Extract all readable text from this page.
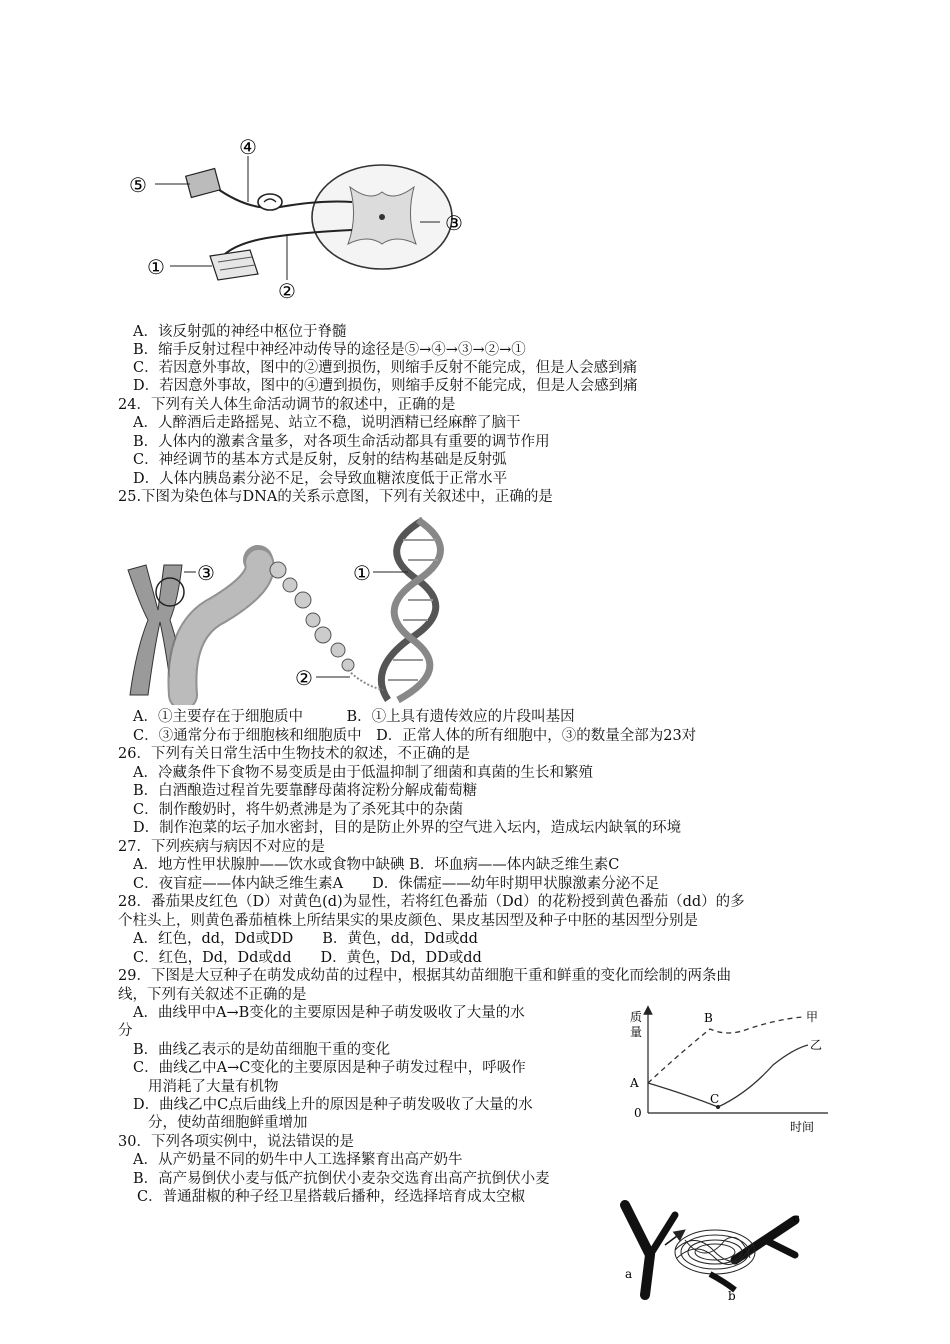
④
⑤
③
①
②
A．该反射弧的神经中枢位于脊髓
B．缩手反射过程中神经冲动传导的途径是⑤→④→③→②→①
C．若因意外事故，图中的②遭到损伤，则缩手反射不能完成，但是人会感到痛
D．若因意外事故，图中的④遭到损伤，则缩手反射不能完成，但是人会感到痛
24．下列有关人体生命活动调节的叙述中，正确的是
A．人醉酒后走路摇晃、站立不稳，说明酒精已经麻醉了脑干
B．人体内的激素含量多，对各项生命活动都具有重要的调节作用
C．神经调节的基本方式是反射，反射的结构基础是反射弧
D．人体内胰岛素分泌不足，会导致血糖浓度低于正常水平
25.下图为染色体与DNA的关系示意图，下列有关叙述中，正确的是
③	①
②
A．①主要存在于细胞质中　　　B．①上具有遗传效应的片段叫基因
C．③通常分布于细胞核和细胞质中　D．正常人体的所有细胞中，③的数量全部为23对
26．下列有关日常生活中生物技术的叙述，不正确的是
A．冷藏条件下食物不易变质是由于低温抑制了细菌和真菌的生长和繁殖
B．白酒酿造过程首先要靠酵母菌将淀粉分解成葡萄糖
C．制作酸奶时，将牛奶煮沸是为了杀死其中的杂菌
D．制作泡菜的坛子加水密封，目的是防止外界的空气进入坛内，造成坛内缺氧的环境
27．下列疾病与病因不对应的是
A．地方性甲状腺肿——饮水或食物中缺碘 B．坏血病——体内缺乏维生素C
C．夜盲症——体内缺乏维生素A　　D．侏儒症——幼年时期甲状腺激素分泌不足
28．番茄果皮红色（D）对黄色(d)为显性，若将红色番茄（Dd）的花粉授到黄色番茄（dd）的多
个柱头上，则黄色番茄植株上所结果实的果皮颜色、果皮基因型及种子中胚的基因型分别是
A．红色，dd，Dd或DD　　B．黄色，dd，Dd或dd
C．红色，Dd，Dd或dd　　D．黄色，Dd，DD或dd
29．下图是大豆种子在萌发成幼苗的过程中，根据其幼苗细胞干重和鲜重的变化而绘制的两条曲
线，下列有关叙述不正确的是
A．曲线甲中A→B变化的主要原因是种子萌发吸收了大量的水
分
B．曲线乙表示的是幼苗细胞干重的变化
C．曲线乙中A→C变化的主要原因是种子萌发过程中，呼吸作
用消耗了大量有机物
D．曲线乙中C点后曲线上升的原因是种子萌发吸收了大量的水
分，使幼苗细胞鲜重增加
质
量
A
B
C
0
甲
乙
时间
30．下列各项实例中，说法错误的是
A．从产奶量不同的奶牛中人工选择繁育出高产奶牛
B．高产易倒伏小麦与低产抗倒伏小麦杂交选育出高产抗倒伏小麦
C．普通甜椒的种子经卫星搭载后播种，经选择培育成太空椒
a
b
c
